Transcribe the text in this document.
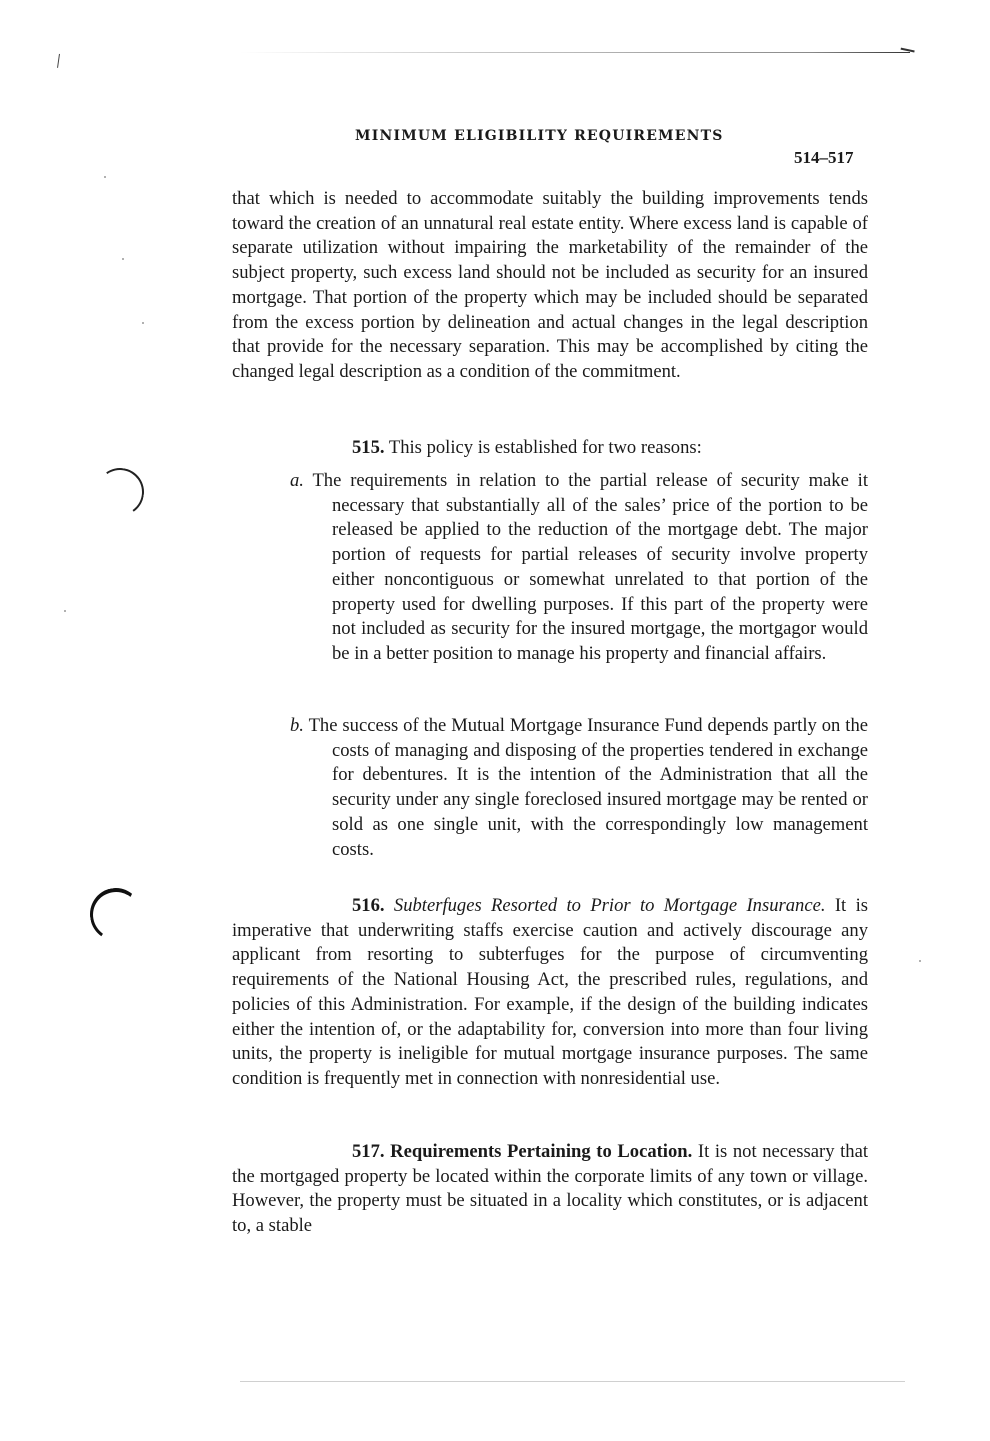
MINIMUM ELIGIBILITY REQUIREMENTS
514–517

that which is needed to accommodate suitably the building improvements tends toward the creation of an unnatural real estate entity. Where excess land is capable of separate utilization without impairing the marketability of the remainder of the subject property, such excess land should not be included as security for an insured mortgage. That portion of the property which may be included should be separated from the excess portion by delineation and actual changes in the legal description that provide for the necessary separation. This may be accomplished by citing the changed legal description as a condition of the commitment.

515. This policy is established for two reasons:

a. The requirements in relation to the partial release of security make it necessary that substantially all of the sales’ price of the portion to be released be applied to the reduction of the mortgage debt. The major portion of requests for partial releases of security involve property either noncontiguous or somewhat unrelated to that portion of the property used for dwelling purposes. If this part of the property were not included as security for the insured mortgage, the mortgagor would be in a better position to manage his property and financial affairs.

b. The success of the Mutual Mortgage Insurance Fund depends partly on the costs of managing and disposing of the properties tendered in exchange for debentures. It is the intention of the Administration that all the security under any single foreclosed insured mortgage may be rented or sold as one single unit, with the correspondingly low management costs.

516. Subterfuges Resorted to Prior to Mortgage Insurance. It is imperative that underwriting staffs exercise caution and actively discourage any applicant from resorting to subterfuges for the purpose of circumventing requirements of the National Housing Act, the prescribed rules, regulations, and policies of this Administration. For example, if the design of the building indicates either the intention of, or the adaptability for, conversion into more than four living units, the property is ineligible for mutual mortgage insurance purposes. The same condition is frequently met in connection with nonresidential use.

517. Requirements Pertaining to Location. It is not necessary that the mortgaged property be located within the corporate limits of any town or village. However, the property must be situated in a locality which constitutes, or is adjacent to, a stable
